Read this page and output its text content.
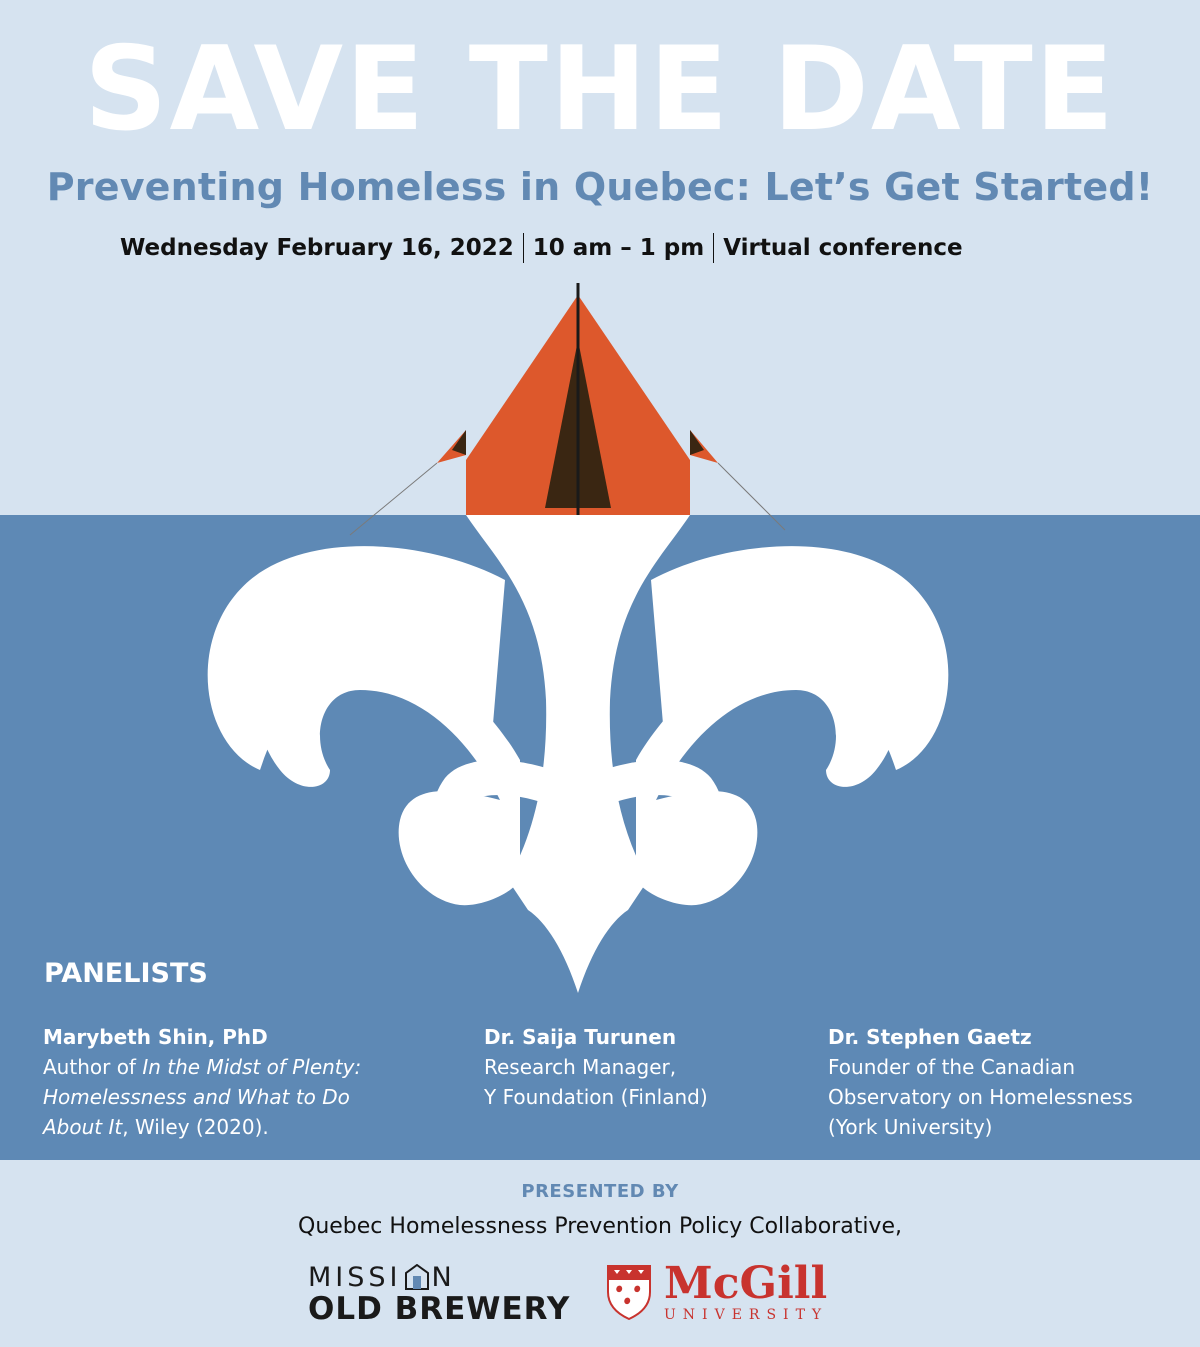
SAVE THE DATE
Preventing Homeless in Quebec: Let’s Get Started!
Wednesday February 16, 2022 10 am – 1 pm Virtual conference
PANELISTS
Marybeth Shin, PhD
Author of In the Midst of Plenty:
Homelessness and What to Do
About It, Wiley (2020).
Dr. Saija Turunen
Research Manager,
Y Foundation (Finland)
Dr. Stephen Gaetz
Founder of the Canadian
Observatory on Homelessness
(York University)
PRESENTED BY
Quebec Homelessness Prevention Policy Collaborative,
MISSI N
OLD BREWERY McGill
UNIVERSITY
